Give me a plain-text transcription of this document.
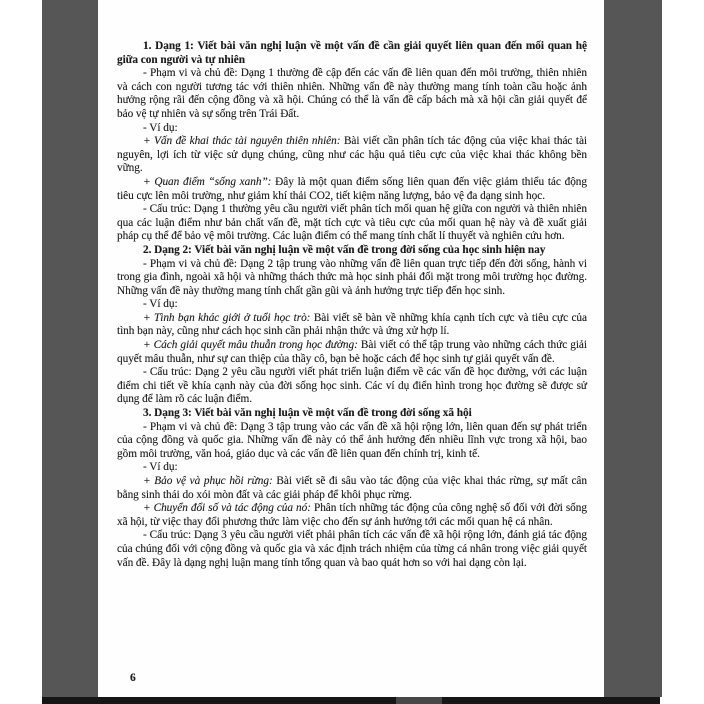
1. Dạng 1: Viết bài văn nghị luận về một vấn đề cần giải quyết liên quan đến mối quan hệ giữa con người và tự nhiên

- Phạm vi và chủ đề: Dạng 1 thường đề cập đến các vấn đề liên quan đến môi trường, thiên nhiên và cách con người tương tác với thiên nhiên. Những vấn đề này thường mang tính toàn cầu hoặc ảnh hưởng rộng rãi đến cộng đồng và xã hội. Chúng có thể là vấn đề cấp bách mà xã hội cần giải quyết để bảo vệ tự nhiên và sự sống trên Trái Đất.

- Ví dụ:

+ Vấn đề khai thác tài nguyên thiên nhiên: Bài viết cần phân tích tác động của việc khai thác tài nguyên, lợi ích từ việc sử dụng chúng, cũng như các hậu quả tiêu cực của việc khai thác không bền vững.

+ Quan điểm “sống xanh”: Đây là một quan điểm sống liên quan đến việc giảm thiểu tác động tiêu cực lên môi trường, như giảm khí thải CO2, tiết kiệm năng lượng, bảo vệ đa dạng sinh học.

- Cấu trúc: Dạng 1 thường yêu cầu người viết phân tích mối quan hệ giữa con người và thiên nhiên qua các luận điểm như bản chất vấn đề, mặt tích cực và tiêu cực của mối quan hệ này và đề xuất giải pháp cụ thể để bảo vệ môi trường. Các luận điểm có thể mang tính chất lí thuyết và nghiên cứu hơn.

2. Dạng 2: Viết bài văn nghị luận về một vấn đề trong đời sống của học sinh hiện nay

- Phạm vi và chủ đề: Dạng 2 tập trung vào những vấn đề liên quan trực tiếp đến đời sống, hành vi trong gia đình, ngoài xã hội và những thách thức mà học sinh phải đối mặt trong môi trường học đường. Những vấn đề này thường mang tính chất gần gũi và ảnh hưởng trực tiếp đến học sinh.

- Ví dụ:

+ Tình bạn khác giới ở tuổi học trò: Bài viết sẽ bàn về những khía cạnh tích cực và tiêu cực của tình bạn này, cũng như cách học sinh cần phải nhận thức và ứng xử hợp lí.

+ Cách giải quyết mâu thuẫn trong học đường: Bài viết có thể tập trung vào những cách thức giải quyết mâu thuẫn, như sự can thiệp của thầy cô, bạn bè hoặc cách để học sinh tự giải quyết vấn đề.

- Cấu trúc: Dạng 2 yêu cầu người viết phát triển luận điểm về các vấn đề học đường, với các luận điểm chi tiết về khía cạnh này của đời sống học sinh. Các ví dụ điển hình trong học đường sẽ được sử dụng để làm rõ các luận điểm.

3. Dạng 3: Viết bài văn nghị luận về một vấn đề trong đời sống xã hội

- Phạm vi và chủ đề: Dạng 3 tập trung vào các vấn đề xã hội rộng lớn, liên quan đến sự phát triển của cộng đồng và quốc gia. Những vấn đề này có thể ảnh hưởng đến nhiều lĩnh vực trong xã hội, bao gồm môi trường, văn hoá, giáo dục và các vấn đề liên quan đến chính trị, kinh tế.

- Ví dụ:

+ Bảo vệ và phục hồi rừng: Bài viết sẽ đi sâu vào tác động của việc khai thác rừng, sự mất cân bằng sinh thái do xói mòn đất và các giải pháp để khôi phục rừng.

+ Chuyển đổi số và tác động của nó: Phân tích những tác động của công nghệ số đối với đời sống xã hội, từ việc thay đổi phương thức làm việc cho đến sự ảnh hưởng tới các mối quan hệ cá nhân.

- Cấu trúc: Dạng 3 yêu cầu người viết phải phân tích các vấn đề xã hội rộng lớn, đánh giá tác động của chúng đối với cộng đồng và quốc gia và xác định trách nhiệm của từng cá nhân trong việc giải quyết vấn đề. Đây là dạng nghị luận mang tính tổng quan và bao quát hơn so với hai dạng còn lại.

6
